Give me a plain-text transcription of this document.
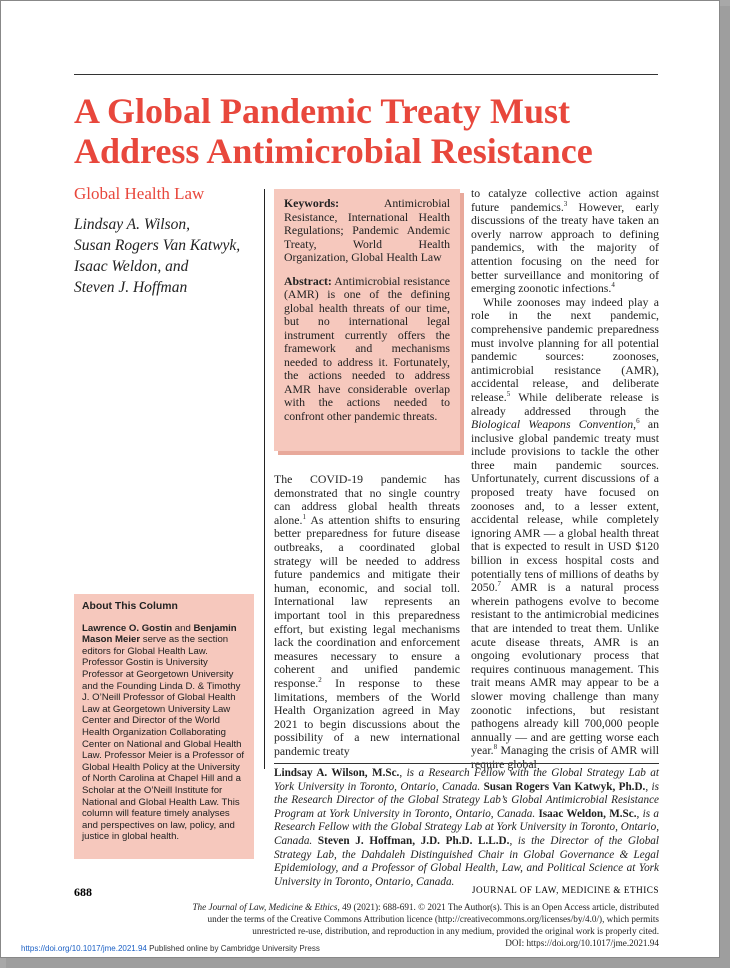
A Global Pandemic Treaty Must Address Antimicrobial Resistance
Global Health Law
Lindsay A. Wilson,
Susan Rogers Van Katwyk,
Isaac Weldon, and
Steven J. Hoffman

Keywords:	Antimicrobial Resistance, International Health Regulations; Pandemic Andemic Treaty, World Health Organization, Global Health Law

Abstract: Antimicrobial resistance (AMR) is one of the defining global health threats of our time, but no international legal instrument currently offers the framework and mechanisms needed to address it. Fortunately, the actions needed to address AMR have considerable overlap with the actions needed to confront other pandemic threats.

The COVID-19 pandemic has demonstrated that no single country can address global health threats alone.$^1$ As attention shifts to ensuring better preparedness for future disease outbreaks, a coordinated global strategy will be needed to address future pandemics and mitigate their human, economic, and social toll. International law represents an important tool in this preparedness effort, but existing legal mechanisms lack the coordination and enforcement measures necessary to ensure a coherent and unified pandemic response.$^2$ In response to these limitations, members of the World Health Organization agreed in May 2021 to begin discussions about the possibility of a new international pandemic treaty

to catalyze collective action against future pandemics.$^3$ However, early discussions of the treaty have taken an overly narrow approach to defining pandemics, with the majority of attention focusing on the need for better surveillance and monitoring of emerging zoonotic infections.$^4$

While zoonoses may indeed play a role in the next pandemic, comprehensive pandemic preparedness must involve planning for all potential pandemic sources: zoonoses, antimicrobial resistance (AMR), accidental release, and deliberate release.$^5$ While deliberate release is already addressed through the Biological Weapons Convention,$^6$ an inclusive global pandemic treaty must include provisions to tackle the other three main pandemic sources. Unfortunately, current discussions of a proposed treaty have focused on zoonoses and, to a lesser extent, accidental release, while completely ignoring AMR — a global health threat that is expected to result in USD $120 billion in excess hospital costs and potentially tens of millions of deaths by 2050.$^7$ AMR is a natural process wherein pathogens evolve to become resistant to the antimicrobial medicines that are intended to treat them. Unlike acute disease threats, AMR is an ongoing evolutionary process that requires continuous management. This trait means AMR may appear to be a slower moving challenge than many zoonotic infections, but resistant pathogens already kill 700,000 people annually — and are getting worse each year.$^8$ Managing the crisis of AMR will require global

About This Column

Lawrence O. Gostin and Benjamin Mason Meier serve as the section editors for Global Health Law. Professor Gostin is University Professor at Georgetown University and the Founding Linda D. & Timothy J. O’Neill Professor of Global Health Law at Georgetown University Law Center and Director of the World Health Organization Collaborating Center on National and Global Health Law. Professor Meier is a Professor of Global Health Policy at the University of North Carolina at Chapel Hill and a Scholar at the O’Neill Institute for National and Global Health Law. This column will feature timely analyses and perspectives on law, policy, and justice in global health.

Lindsay A. Wilson, M.Sc., is a Research Fellow with the Global Strategy Lab at York University in Toronto, Ontario, Canada. Susan Rogers Van Katwyk, Ph.D., is the Research Director of the Global Strategy Lab’s Global Antimicrobial Resistance Program at York University in Toronto, Ontario, Canada. Isaac Weldon, M.Sc., is a Research Fellow with the Global Strategy Lab at York University in Toronto, Ontario, Canada. Steven J. Hoffman, J.D. Ph.D. L.L.D., is the Director of the Global Strategy Lab, the Dahdaleh Distinguished Chair in Global Governance & Legal Epidemiology, and a Professor of Global Health, Law, and Political Science at York University in Toronto, Ontario, Canada.
688	JOURNAL OF LAW, MEDICINE & ETHICS
The Journal of Law, Medicine & Ethics, 49 (2021): 688-691. © 2021 The Author(s). This is an Open Access article, distributed
under the terms of the Creative Commons Attribution licence (http://creativecommons.org/licenses/by/4.0/), which permits
unrestricted re-use, distribution, and reproduction in any medium, provided the original work is properly cited.
DOI: https://doi.org/10.1017/jme.2021.94
https://doi.org/10.1017/jme.2021.94 Published online by Cambridge University Press
